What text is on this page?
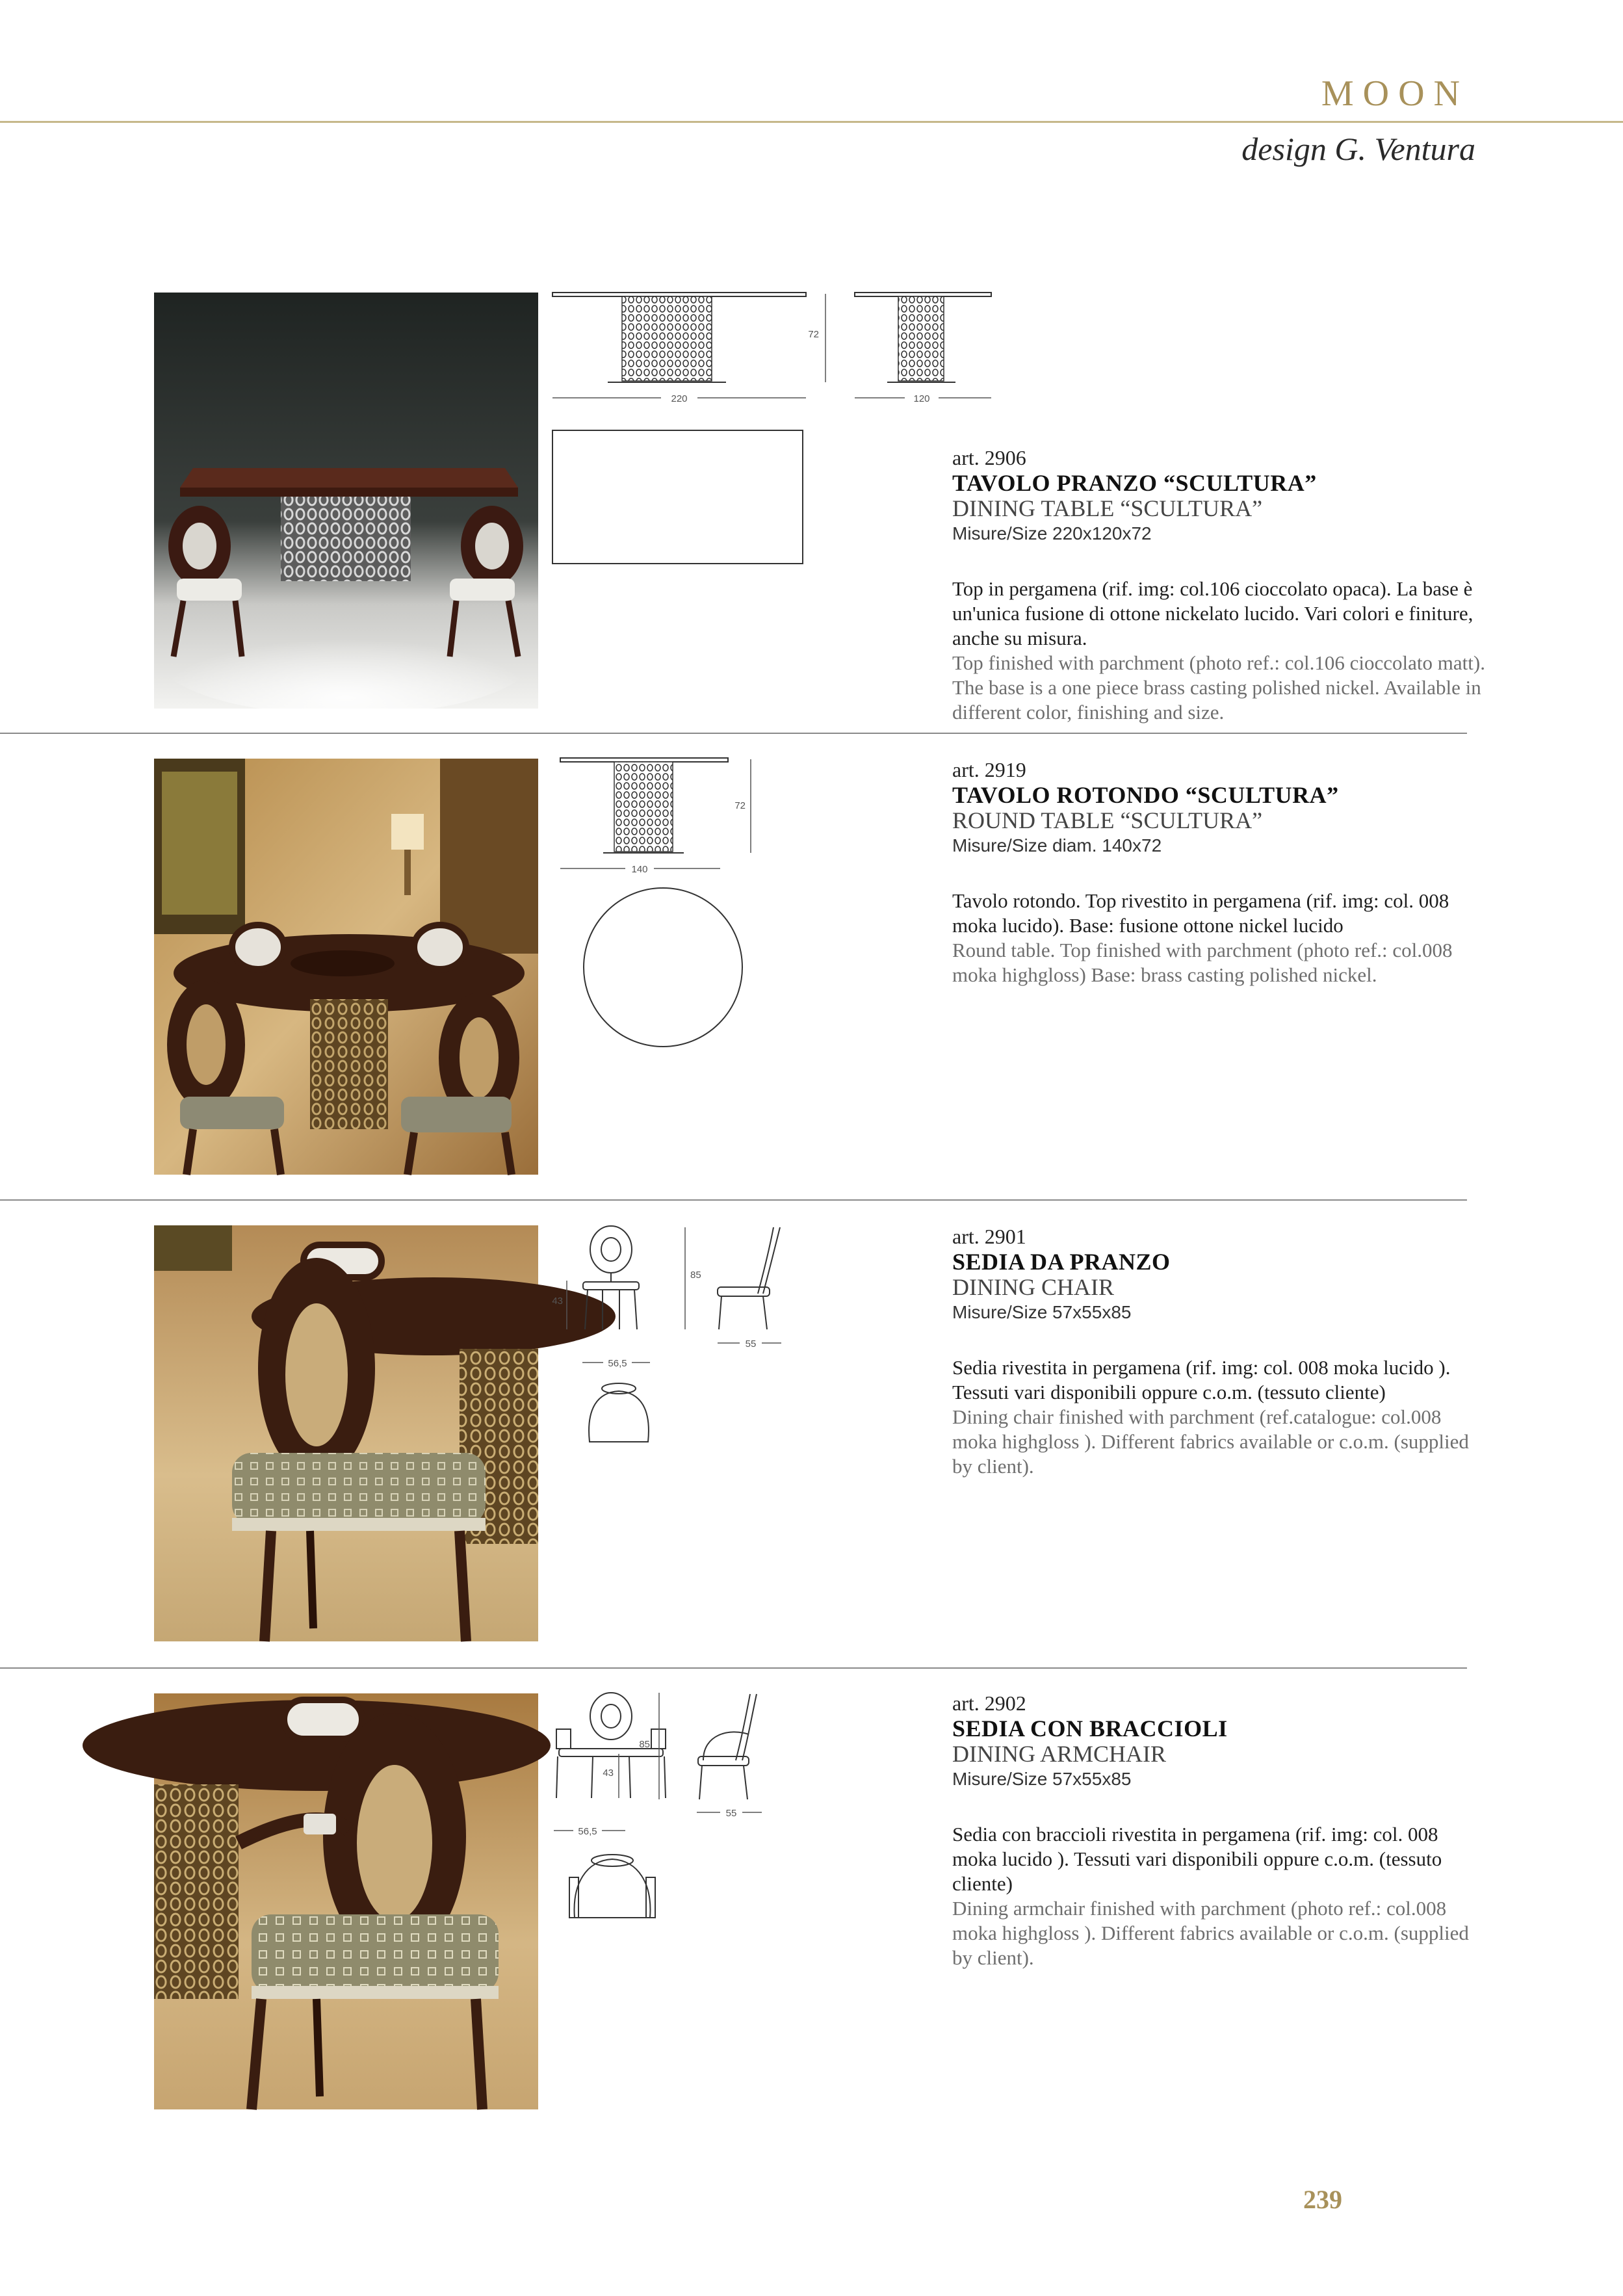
MOON
design G. Ventura
72
220	120
art. 2906
TAVOLO PRANZO “SCULTURA”
DINING TABLE “SCULTURA”
Misure/Size 220x120x72
Top in pergamena (rif. img: col.106 cioccolato opaca). La base è un'unica fusione di ottone nickelato lucido. Vari colori e finiture, anche su misura.
Top finished with parchment (photo ref.: col.106 cioccolato matt). The base is a one piece brass casting polished nickel. Available in different color, finishing and size.
72
140
art. 2919
TAVOLO ROTONDO “SCULTURA”
ROUND TABLE “SCULTURA”
Misure/Size diam. 140x72
Tavolo rotondo. Top rivestito in pergamena (rif. img: col. 008 moka lucido). Base: fusione ottone nickel lucido
Round table. Top finished with parchment (photo ref.: col.008 moka highgloss) Base: brass casting polished nickel.
43
56,5
85
55
art. 2901
SEDIA DA PRANZO
DINING CHAIR
Misure/Size 57x55x85
Sedia rivestita in pergamena (rif. img: col. 008 moka lucido ). Tessuti vari disponibili oppure c.o.m. (tessuto cliente)
Dining chair finished with parchment (ref.catalogue: col.008 moka highgloss ). Different fabrics available or c.o.m. (supplied by client).
43
56,5
85
55
art. 2902
SEDIA CON BRACCIOLI
DINING ARMCHAIR
Misure/Size 57x55x85
Sedia con braccioli rivestita in pergamena (rif. img: col. 008 moka lucido ). Tessuti vari disponibili oppure c.o.m. (tessuto cliente)
Dining armchair finished with parchment (photo ref.: col.008 moka highgloss ). Different fabrics available or c.o.m. (supplied by client).
239
